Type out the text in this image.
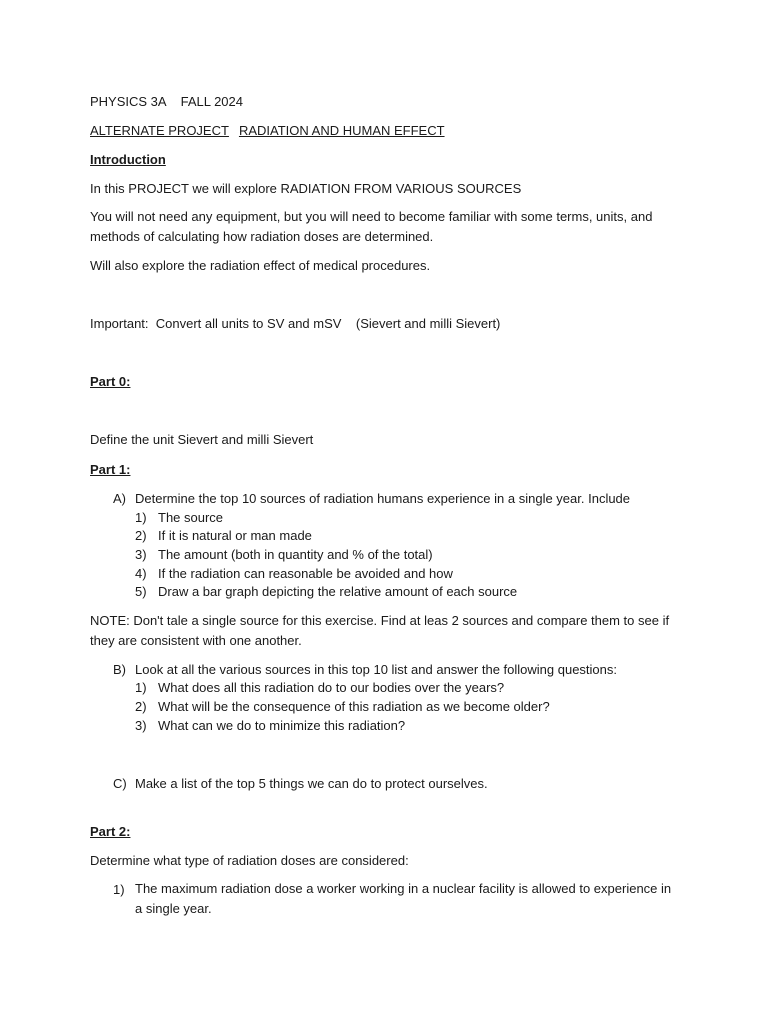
PHYSICS 3A FALL 2024
ALTERNATE PROJECT RADIATION AND HUMAN EFFECT
Introduction
In this PROJECT we will explore RADIATION FROM VARIOUS SOURCES
You will not need any equipment, but you will need to become familiar with some terms, units, and methods of calculating how radiation doses are determined.
Will also explore the radiation effect of medical procedures.
Important:  Convert all units to SV and mSV    (Sievert and milli Sievert)
Part 0:
Define the unit Sievert and milli Sievert
Part 1:
A) Determine the top 10 sources of radiation humans experience in a single year. Include
1) The source
2) If it is natural or man made
3) The amount (both in quantity and % of the total)
4) If the radiation can reasonable be avoided and how
5) Draw a bar graph depicting the relative amount of each source
NOTE: Don't tale a single source for this exercise. Find at leas 2 sources and compare them to see if they are consistent with one another.
B) Look at all the various sources in this top 10 list and answer the following questions:
1) What does all this radiation do to our bodies over the years?
2) What will be the consequence of this radiation as we become older?
3) What can we do to minimize this radiation?
C) Make a list of the top 5 things we can do to protect ourselves.
Part 2:
Determine what type of radiation doses are considered:
1) The maximum radiation dose a worker working in a nuclear facility is allowed to experience in a single year.
